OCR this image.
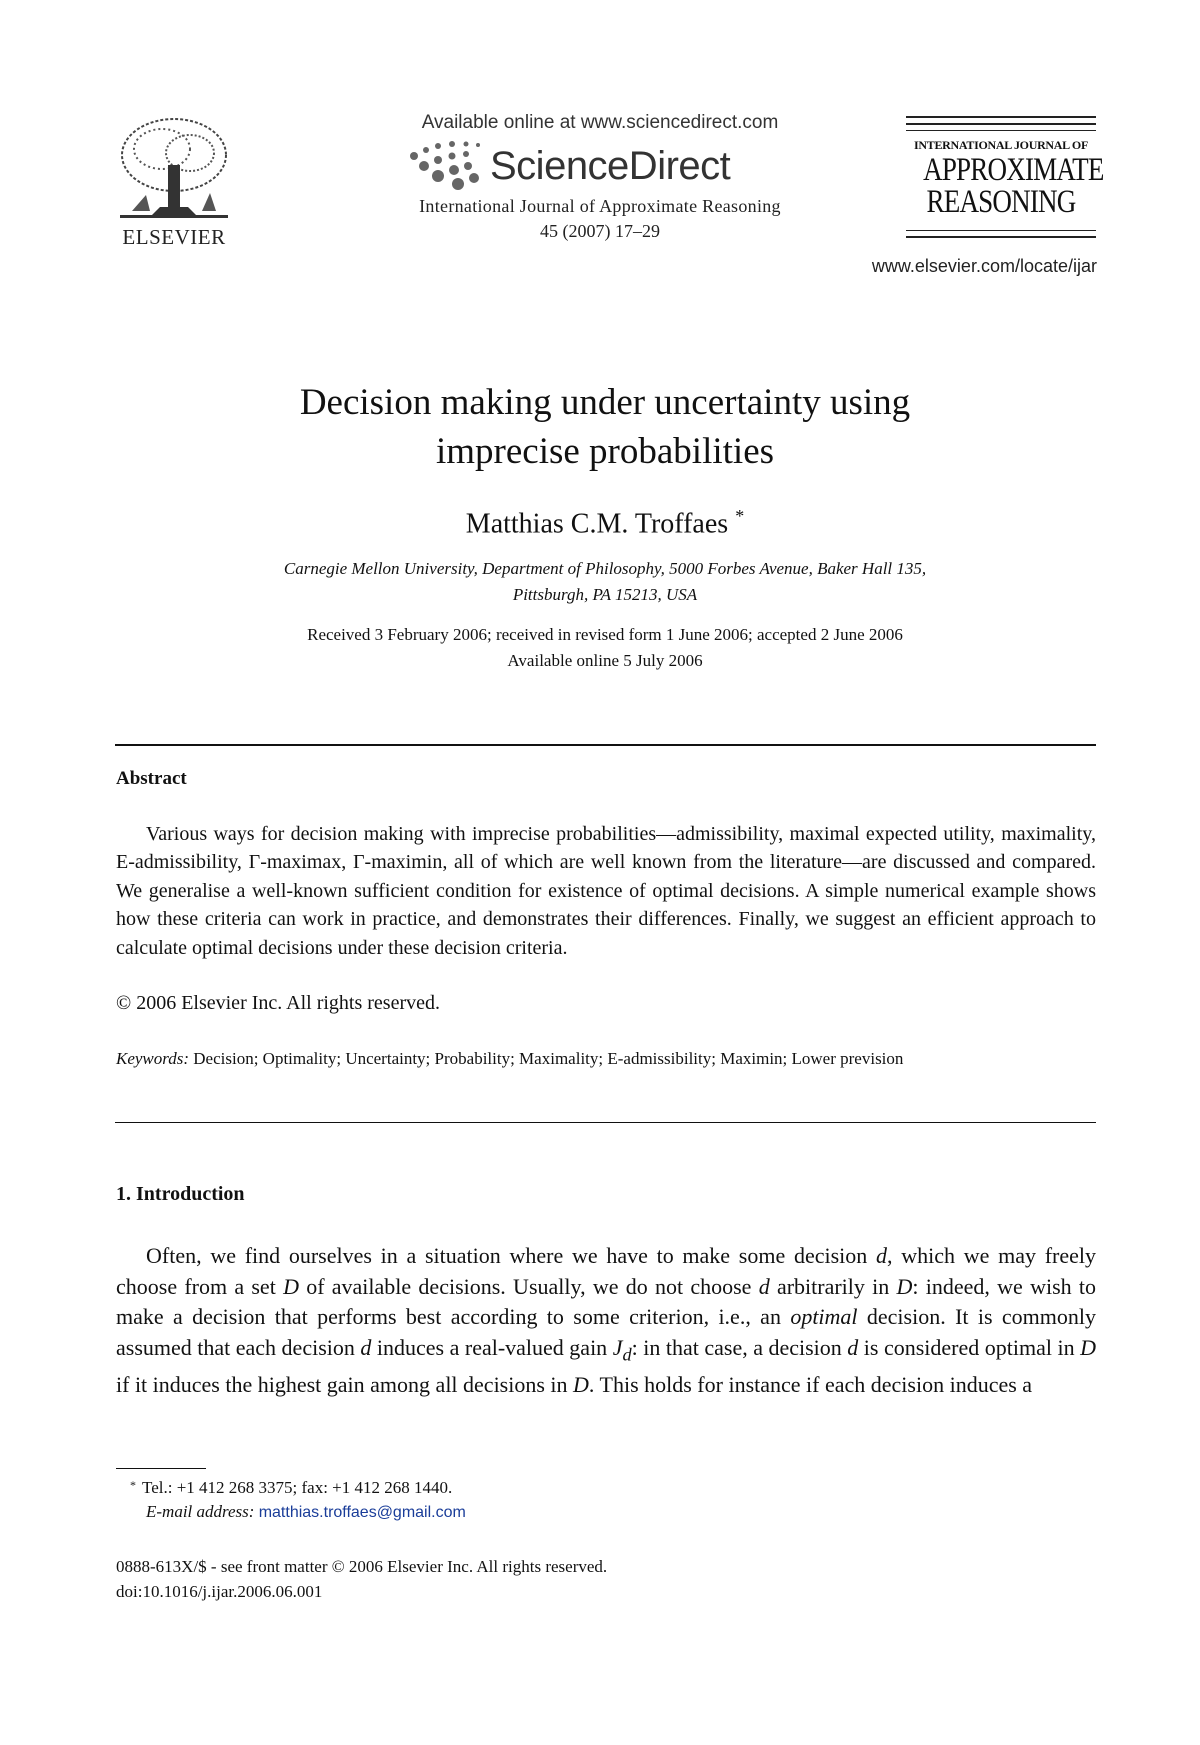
ELSEVIER
Available online at www.sciencedirect.com
ScienceDirect
International Journal of Approximate Reasoning
45 (2007) 17–29
INTERNATIONAL JOURNAL OF
APPROXIMATE
REASONING
www.elsevier.com/locate/ijar
Decision making under uncertainty using
imprecise probabilities
Matthias C.M. Troffaes *
Carnegie Mellon University, Department of Philosophy, 5000 Forbes Avenue, Baker Hall 135,
Pittsburgh, PA 15213, USA
Received 3 February 2006; received in revised form 1 June 2006; accepted 2 June 2006
Available online 5 July 2006
Abstract
Various ways for decision making with imprecise probabilities—admissibility, maximal expected utility, maximality, E-admissibility, Γ-maximax, Γ-maximin, all of which are well known from the literature—are discussed and compared. We generalise a well-known sufficient condition for existence of optimal decisions. A simple numerical example shows how these criteria can work in practice, and demonstrates their differences. Finally, we suggest an efficient approach to calculate optimal decisions under these decision criteria.
© 2006 Elsevier Inc. All rights reserved.
Keywords: Decision; Optimality; Uncertainty; Probability; Maximality; E-admissibility; Maximin; Lower prevision
1. Introduction
Often, we find ourselves in a situation where we have to make some decision d, which we may freely choose from a set D of available decisions. Usually, we do not choose d arbitrarily in D: indeed, we wish to make a decision that performs best according to some criterion, i.e., an optimal decision. It is commonly assumed that each decision d induces a real-valued gain $J_d$: in that case, a decision d is considered optimal in D if it induces the highest gain among all decisions in D. This holds for instance if each decision induces a
* Tel.: +1 412 268 3375; fax: +1 412 268 1440.
E-mail address: matthias.troffaes@gmail.com
0888-613X/$ - see front matter © 2006 Elsevier Inc. All rights reserved.
doi:10.1016/j.ijar.2006.06.001
